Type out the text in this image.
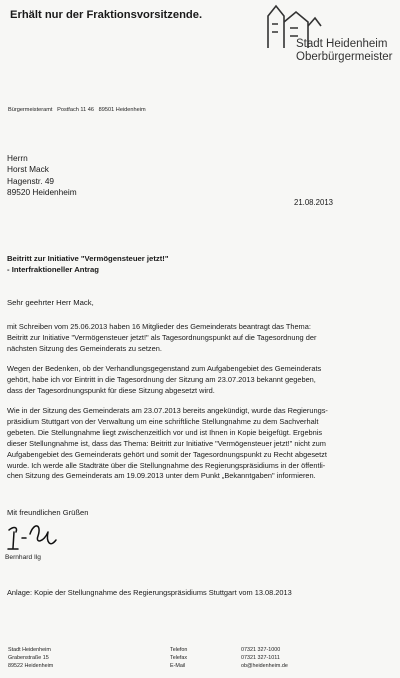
Erhält nur der Fraktionsvorsitzende.
Stadt Heidenheim
Oberbürgermeister
Bürgermeisteramt   Postfach 11 46   89501 Heidenheim
Herrn
Horst Mack
Hagenstr. 49
89520 Heidenheim
21.08.2013
Beitritt zur Initiative "Vermögensteuer jetzt!"
- Interfraktioneller Antrag
Sehr geehrter Herr Mack,
mit Schreiben vom 25.06.2013 haben 16 Mitglieder des Gemeinderats beantragt das Thema:
Beitritt zur Initiative "Vermögensteuer jetzt!" als Tagesordnungspunkt auf die Tagesordnung der
nächsten Sitzung des Gemeinderats zu setzen.
Wegen der Bedenken, ob der Verhandlungsgegenstand zum Aufgabengebiet des Gemeinderats
gehört, habe ich vor Eintritt in die Tagesordnung der Sitzung am 23.07.2013 bekannt gegeben,
dass der Tagesordnungspunkt für diese Sitzung abgesetzt wird.
Wie in der Sitzung des Gemeinderats am 23.07.2013 bereits angekündigt, wurde das Regierungs-
präsidium Stuttgart von der Verwaltung um eine schriftliche Stellungnahme zu dem Sachverhalt
gebeten. Die Stellungnahme liegt zwischenzeitlich vor und ist Ihnen in Kopie beigefügt. Ergebnis
dieser Stellungnahme ist, dass das Thema: Beitritt zur Initiative "Vermögensteuer jetzt!" nicht zum
Aufgabengebiet des Gemeinderats gehört und somit der Tagesordnungspunkt zu Recht abgesetzt
wurde. Ich werde alle Stadträte über die Stellungnahme des Regierungspräsidiums in der öffentli-
chen Sitzung des Gemeinderats am 19.09.2013 unter dem Punkt „Bekanntgaben" informieren.
Mit freundlichen Grüßen
Bernhard Ilg
Anlage: Kopie der Stellungnahme des Regierungspräsidiums Stuttgart vom 13.08.2013
Stadt Heidenheim
Grabenstraße 15
89522 Heidenheim
Telefon
Telefax
E-Mail
07321 327-1000
07321 327-1011
ob@heidenheim.de
